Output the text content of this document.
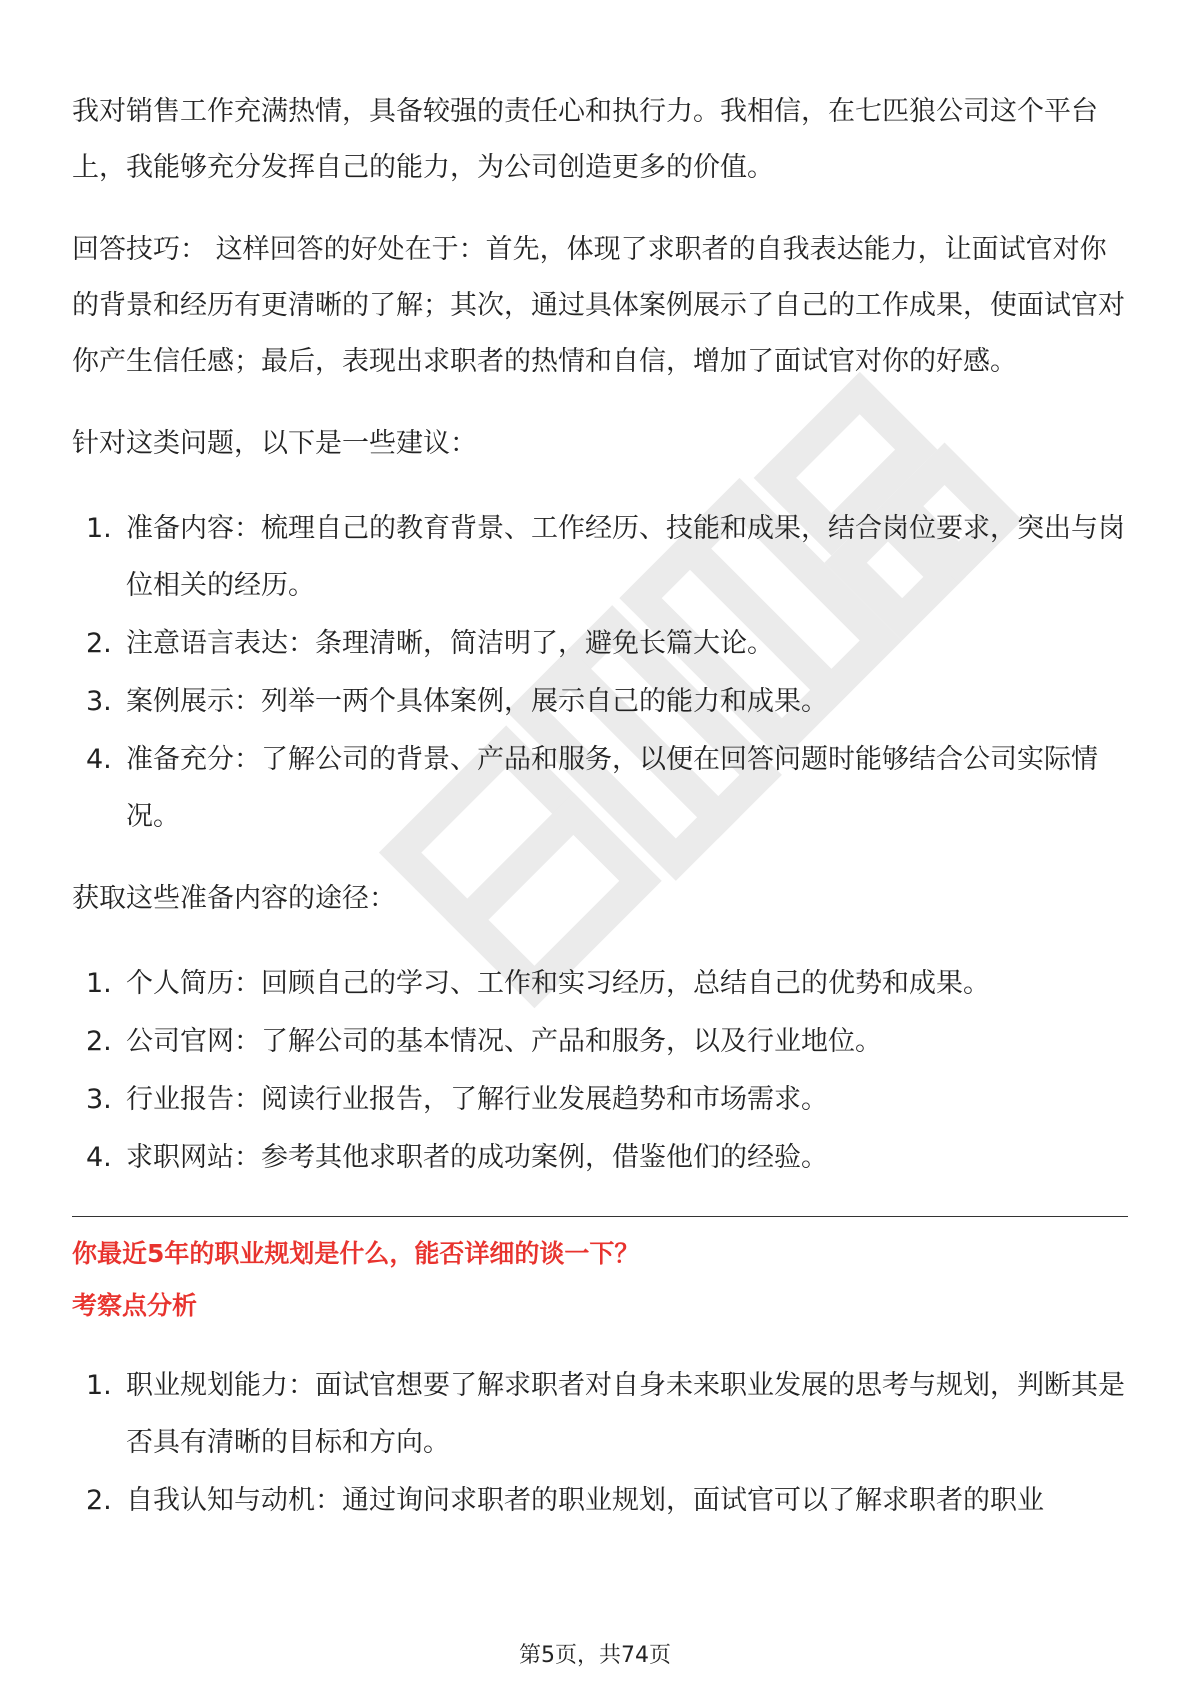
我对销售工作充满热情，具备较强的责任心和执行力。我相信，在七匹狼公司这个平台上，我能够充分发挥自己的能力，为公司创造更多的价值。

回答技巧： 这样回答的好处在于：首先，体现了求职者的自我表达能力，让面试官对你的背景和经历有更清晰的了解；其次，通过具体案例展示了自己的工作成果，使面试官对你产生信任感；最后，表现出求职者的热情和自信，增加了面试官对你的好感。

针对这类问题，以下是一些建议：

1. 准备内容：梳理自己的教育背景、工作经历、技能和成果，结合岗位要求，突出与岗位相关的经历。
2. 注意语言表达：条理清晰，简洁明了，避免长篇大论。
3. 案例展示：列举一两个具体案例，展示自己的能力和成果。
4. 准备充分：了解公司的背景、产品和服务，以便在回答问题时能够结合公司实际情况。

获取这些准备内容的途径：

1. 个人简历：回顾自己的学习、工作和实习经历，总结自己的优势和成果。
2. 公司官网：了解公司的基本情况、产品和服务，以及行业地位。
3. 行业报告：阅读行业报告，了解行业发展趋势和市场需求。
4. 求职网站：参考其他求职者的成功案例，借鉴他们的经验。
你最近5年的职业规划是什么，能否详细的谈一下？
考察点分析
1. 职业规划能力：面试官想要了解求职者对自身未来职业发展的思考与规划，判断其是否具有清晰的目标和方向。
2. 自我认知与动机：通过询问求职者的职业规划，面试官可以了解求职者的职业
第5页，共74页
